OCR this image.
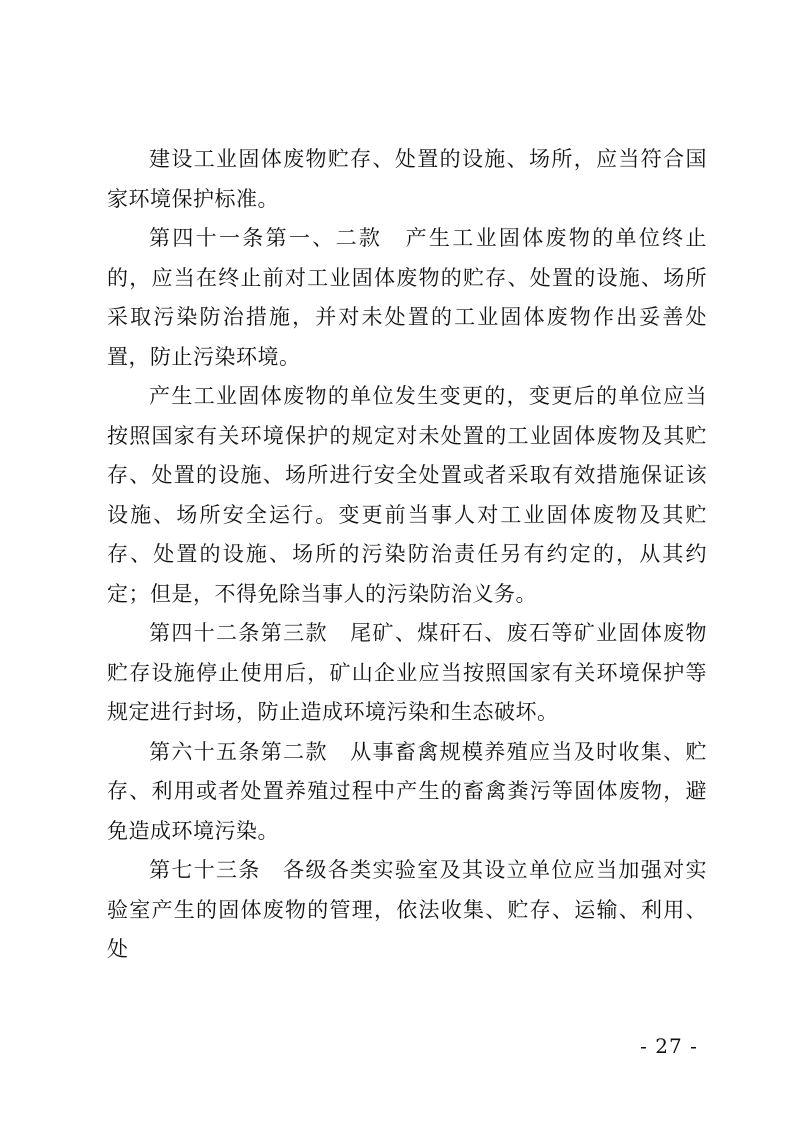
建设工业固体废物贮存、处置的设施、场所，应当符合国家环境保护标准。

第四十一条第一、二款　产生工业固体废物的单位终止的，应当在终止前对工业固体废物的贮存、处置的设施、场所采取污染防治措施，并对未处置的工业固体废物作出妥善处置，防止污染环境。

产生工业固体废物的单位发生变更的，变更后的单位应当按照国家有关环境保护的规定对未处置的工业固体废物及其贮存、处置的设施、场所进行安全处置或者采取有效措施保证该设施、场所安全运行。变更前当事人对工业固体废物及其贮存、处置的设施、场所的污染防治责任另有约定的，从其约定；但是，不得免除当事人的污染防治义务。

第四十二条第三款　尾矿、煤矸石、废石等矿业固体废物贮存设施停止使用后，矿山企业应当按照国家有关环境保护等规定进行封场，防止造成环境污染和生态破坏。

第六十五条第二款　从事畜禽规模养殖应当及时收集、贮存、利用或者处置养殖过程中产生的畜禽粪污等固体废物，避免造成环境污染。

第七十三条　各级各类实验室及其设立单位应当加强对实验室产生的固体废物的管理，依法收集、贮存、运输、利用、处

- 27 -
